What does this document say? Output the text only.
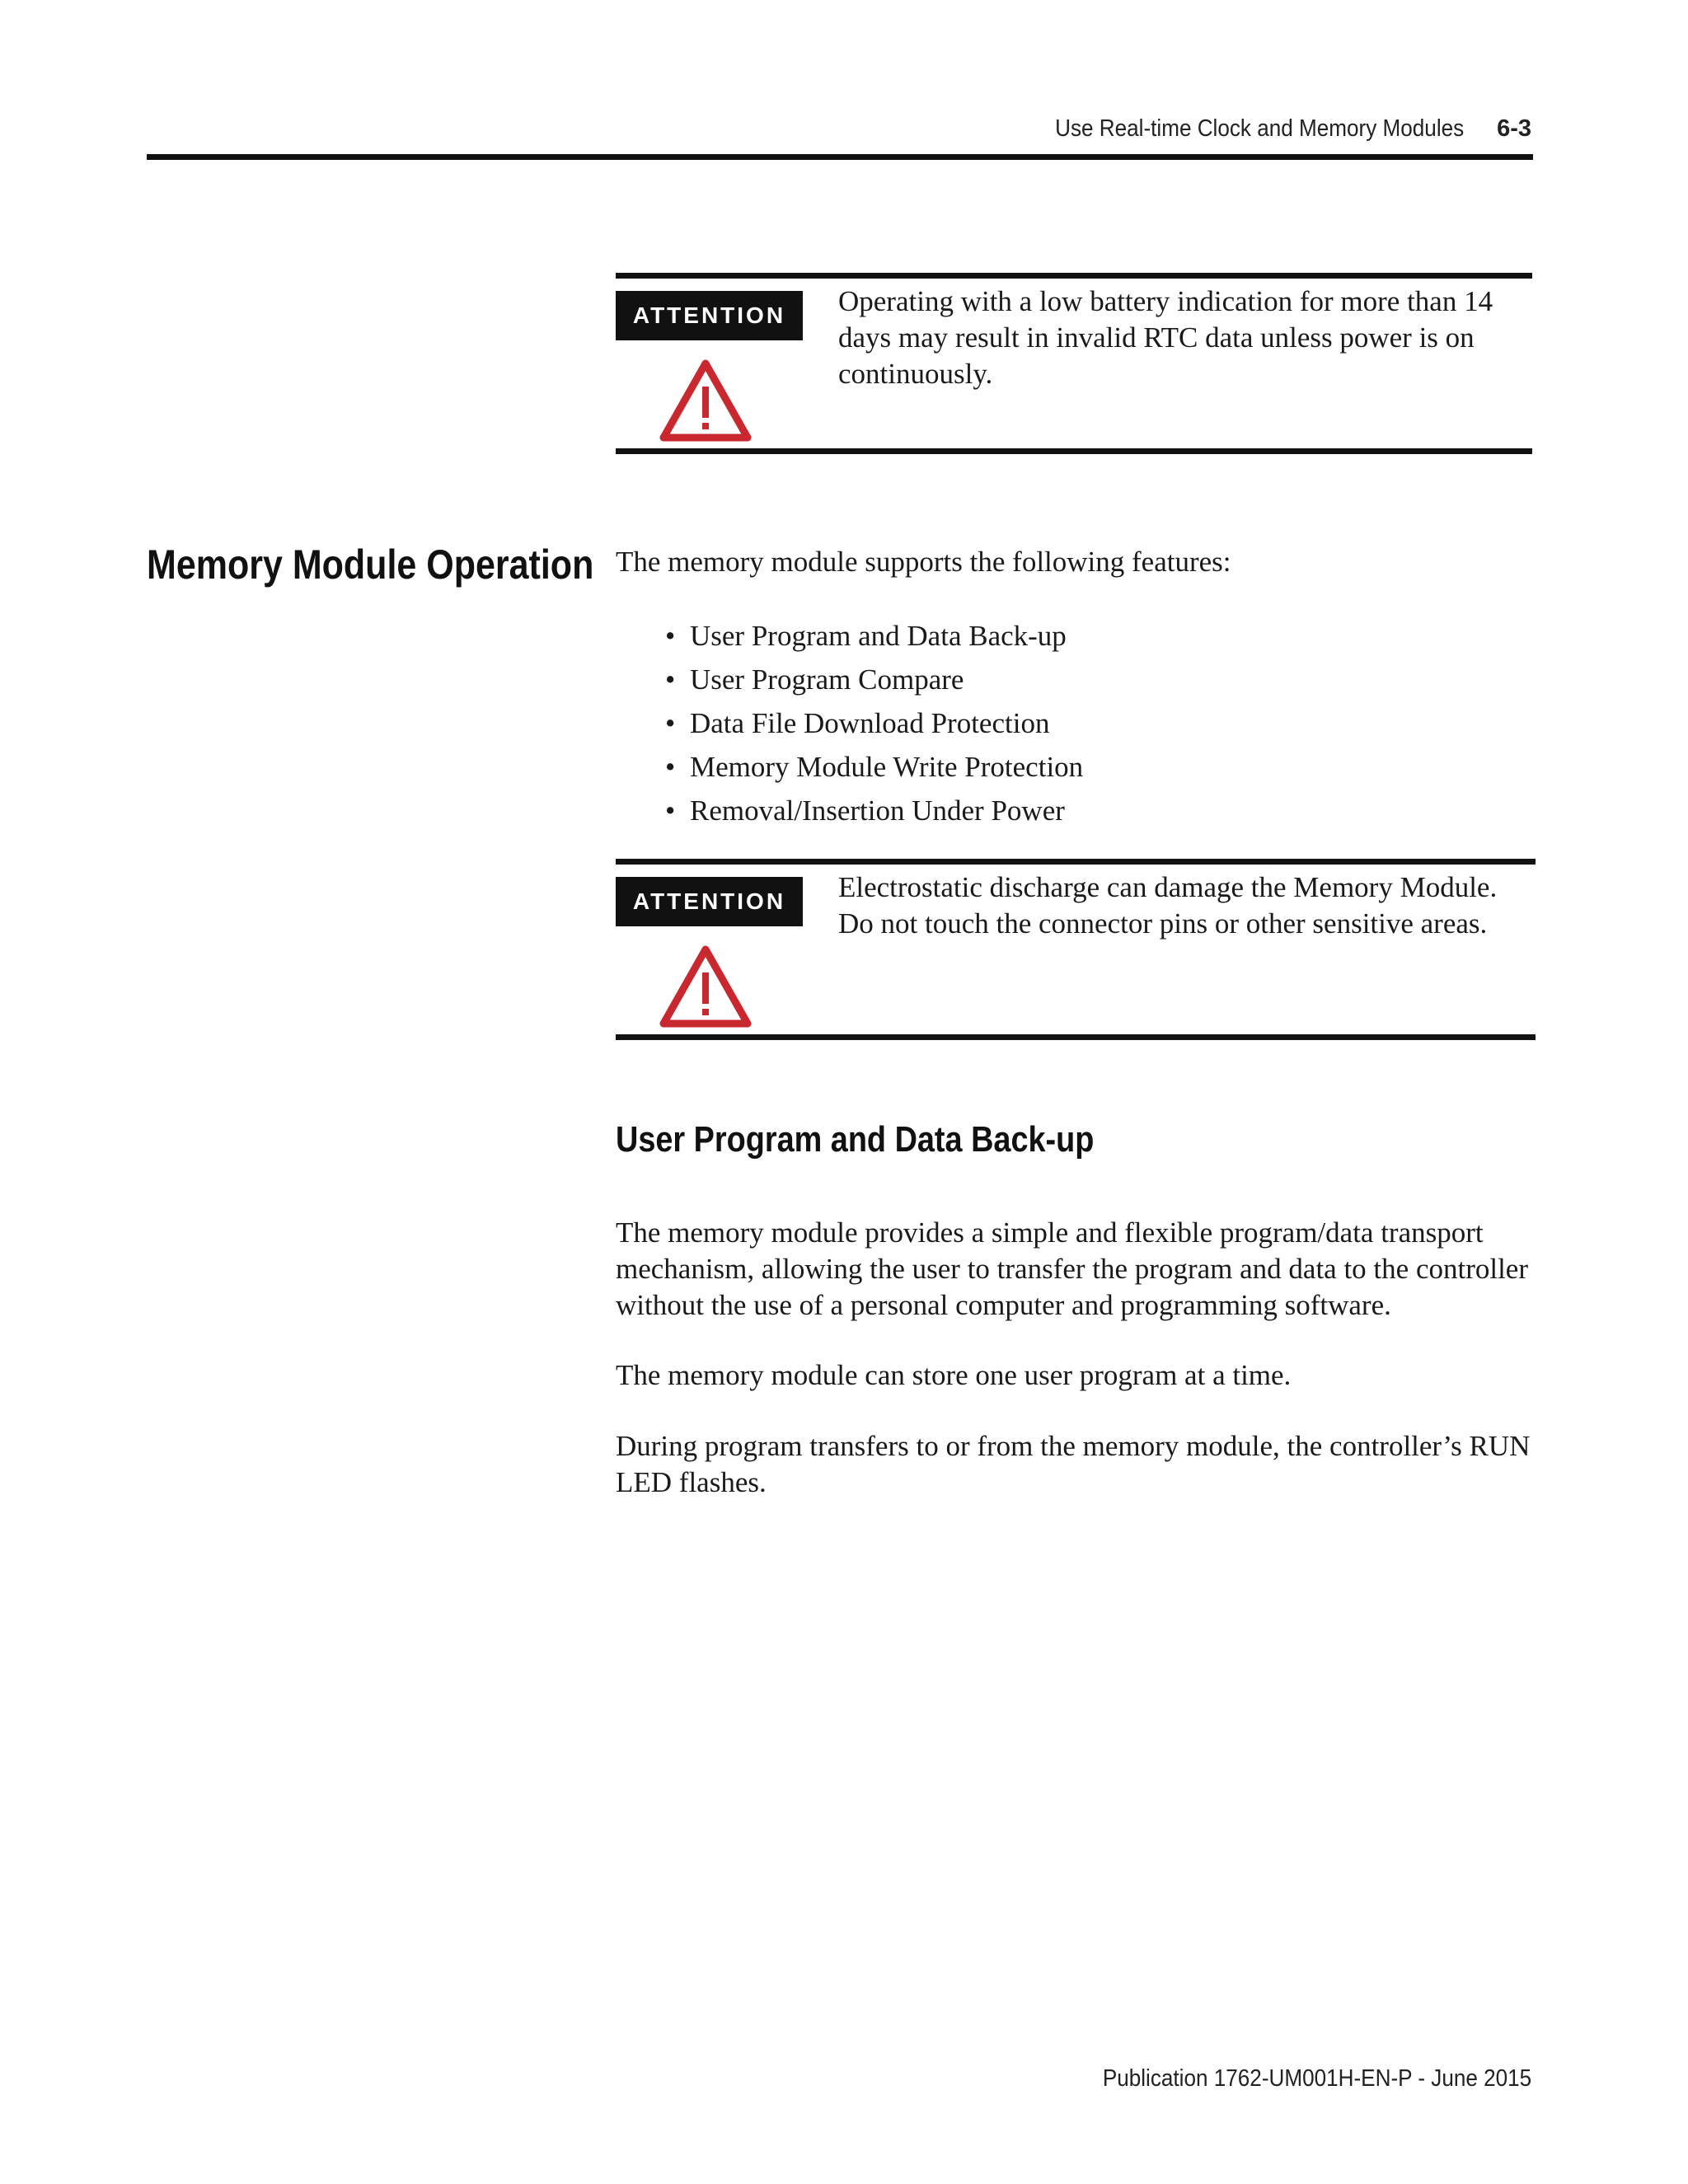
Use Real-time Clock and Memory Modules 6-3
ATTENTION	Operating with a low battery indication for more than 14 days may result in invalid RTC data unless power is on continuously.
Memory Module Operation The memory module supports the following features:
• User Program and Data Back-up
• User Program Compare
• Data File Download Protection
• Memory Module Write Protection
• Removal/Insertion Under Power
ATTENTION	Electrostatic discharge can damage the Memory Module. Do not touch the connector pins or other sensitive areas.
User Program and Data Back-up
The memory module provides a simple and flexible program/data transport mechanism, allowing the user to transfer the program and data to the controller without the use of a personal computer and programming software.
The memory module can store one user program at a time.
During program transfers to or from the memory module, the controller’s RUN LED flashes.
Publication 1762-UM001H-EN-P - June 2015
